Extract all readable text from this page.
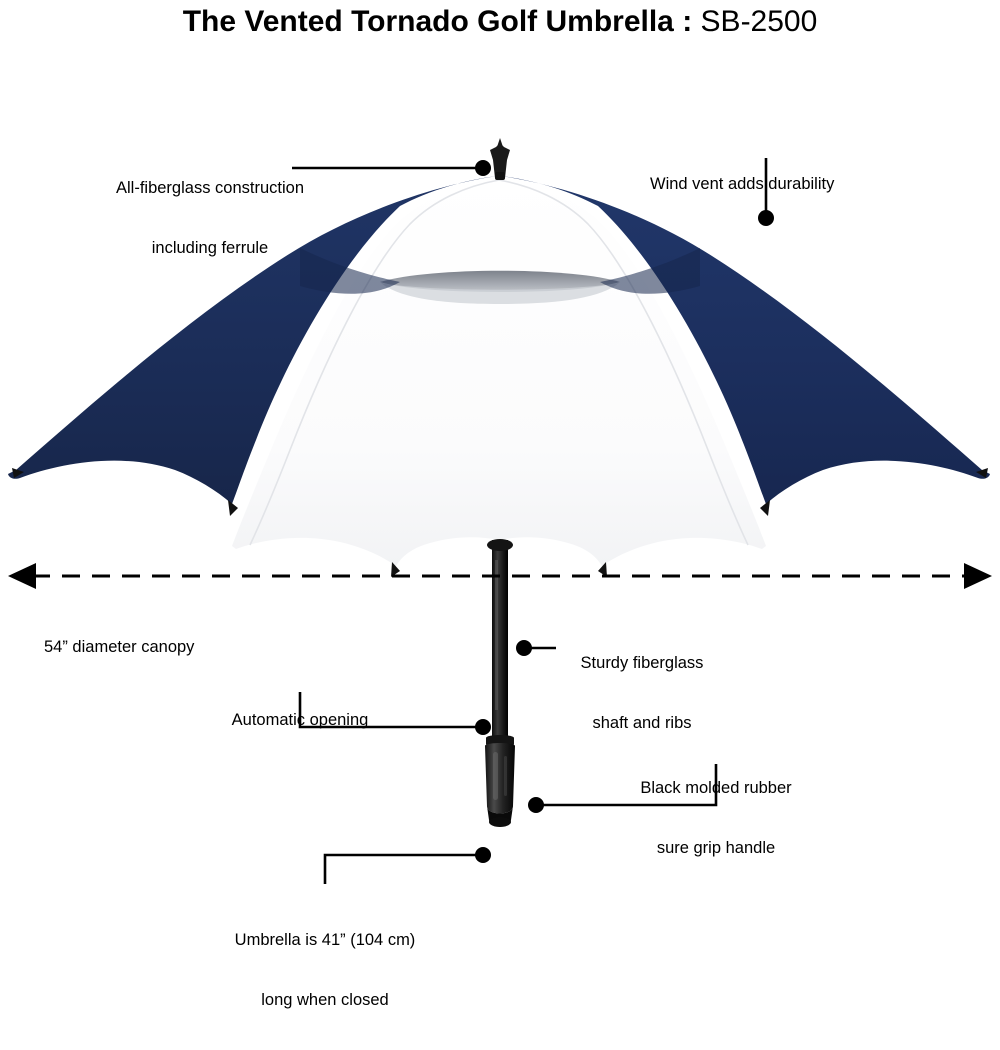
The Vented Tornado Golf Umbrella : SB-2500

All-fiberglass construction

including ferrule

Wind vent adds durability

54” diameter canopy

Sturdy fiberglass

shaft and ribs

Automatic opening

Black molded rubber

sure grip handle

Umbrella is 41” (104 cm)

long when closed
